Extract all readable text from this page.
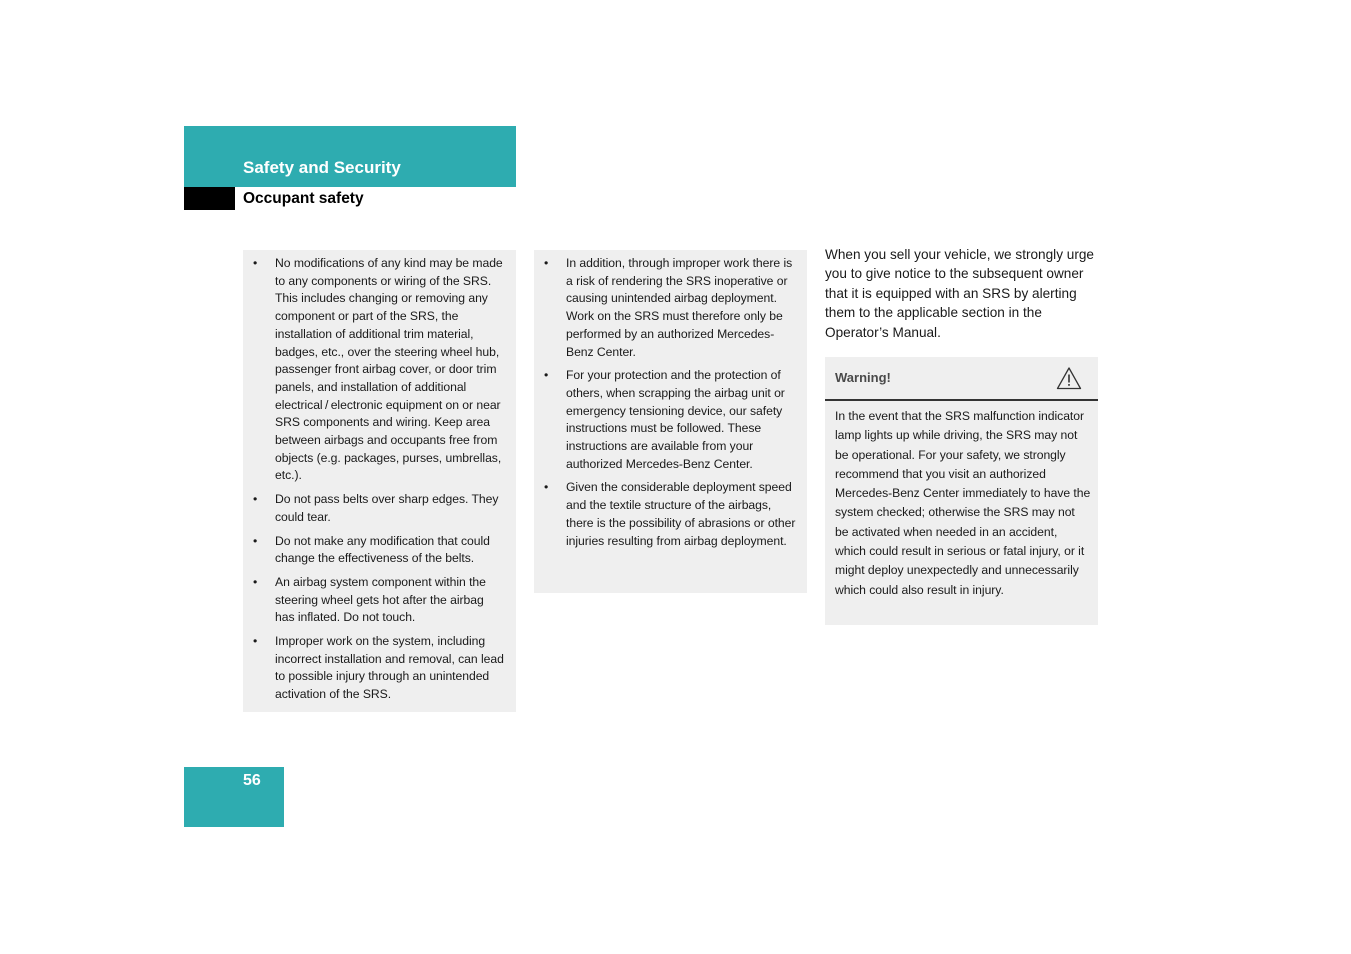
Safety and Security
Occupant safety
• No modifications of any kind may be made to any components or wiring of the SRS. This includes changing or removing any component or part of the SRS, the installation of additional trim material, badges, etc., over the steering wheel hub, passenger front airbag cover, or door trim panels, and installation of additional electrical / electronic equipment on or near SRS components and wiring. Keep area between airbags and occupants free from objects (e.g. packages, purses, umbrellas, etc.).
• Do not pass belts over sharp edges. They could tear.
• Do not make any modification that could change the effectiveness of the belts.
• An airbag system component within the steering wheel gets hot after the airbag has inflated. Do not touch.
• Improper work on the system, including incorrect installation and removal, can lead to possible injury through an unintended activation of the SRS.
• In addition, through improper work there is a risk of rendering the SRS inoperative or causing unintended airbag deployment. Work on the SRS must therefore only be performed by an authorized Mercedes-Benz Center.
• For your protection and the protection of others, when scrapping the airbag unit or emergency tensioning device, our safety instructions must be followed. These instructions are available from your authorized Mercedes-Benz Center.
• Given the considerable deployment speed and the textile structure of the airbags, there is the possibility of abrasions or other injuries resulting from airbag deployment.
When you sell your vehicle, we strongly urge you to give notice to the subsequent owner that it is equipped with an SRS by alerting them to the applicable section in the Operator’s Manual.
Warning!
In the event that the SRS malfunction indicator lamp lights up while driving, the SRS may not be operational. For your safety, we strongly recommend that you visit an authorized Mercedes-Benz Center immediately to have the system checked; otherwise the SRS may not be activated when needed in an accident, which could result in serious or fatal injury, or it might deploy unexpectedly and unnecessarily which could also result in injury.
56
